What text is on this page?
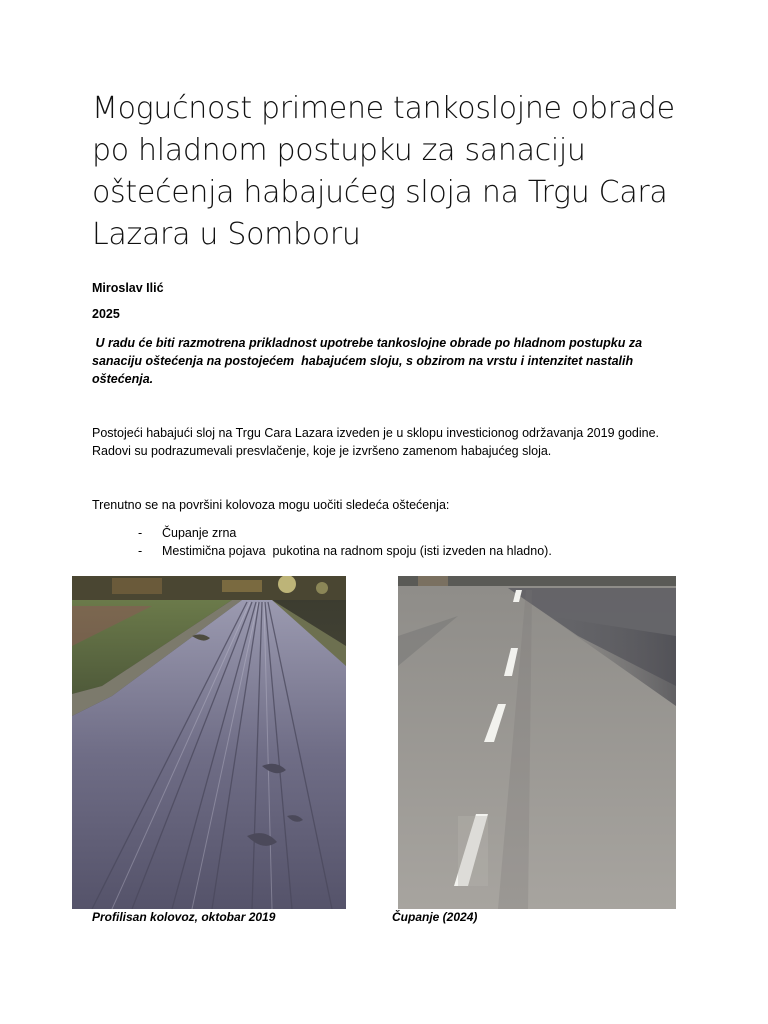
Mogućnost primene tankoslojne obrade
po hladnom postupku za sanaciju
oštećenja habajućeg sloja na Trgu Cara
Lazara u Somboru
Miroslav Ilić
2025
U radu će biti razmotrena prikladnost upotrebe tankoslojne obrade po hladnom postupku za
sanaciju oštećenja na postojećem  habajućem sloju, s obzirom na vrstu i intenzitet nastalih
oštećenja.
Postojeći habajući sloj na Trgu Cara Lazara izveden je u sklopu investicionog održavanja 2019 godine.
Radovi su podrazumevali presvlačenje, koje je izvršeno zamenom habajućeg sloja.
Trenutno se na površini kolovoza mogu uočiti sledeća oštećenja:
- Čupanje zrna
- Mestimična pojava  pukotina na radnom spoju (isti izveden na hladno).
Profilisan kolovoz, oktobar 2019	Čupanje (2024)
